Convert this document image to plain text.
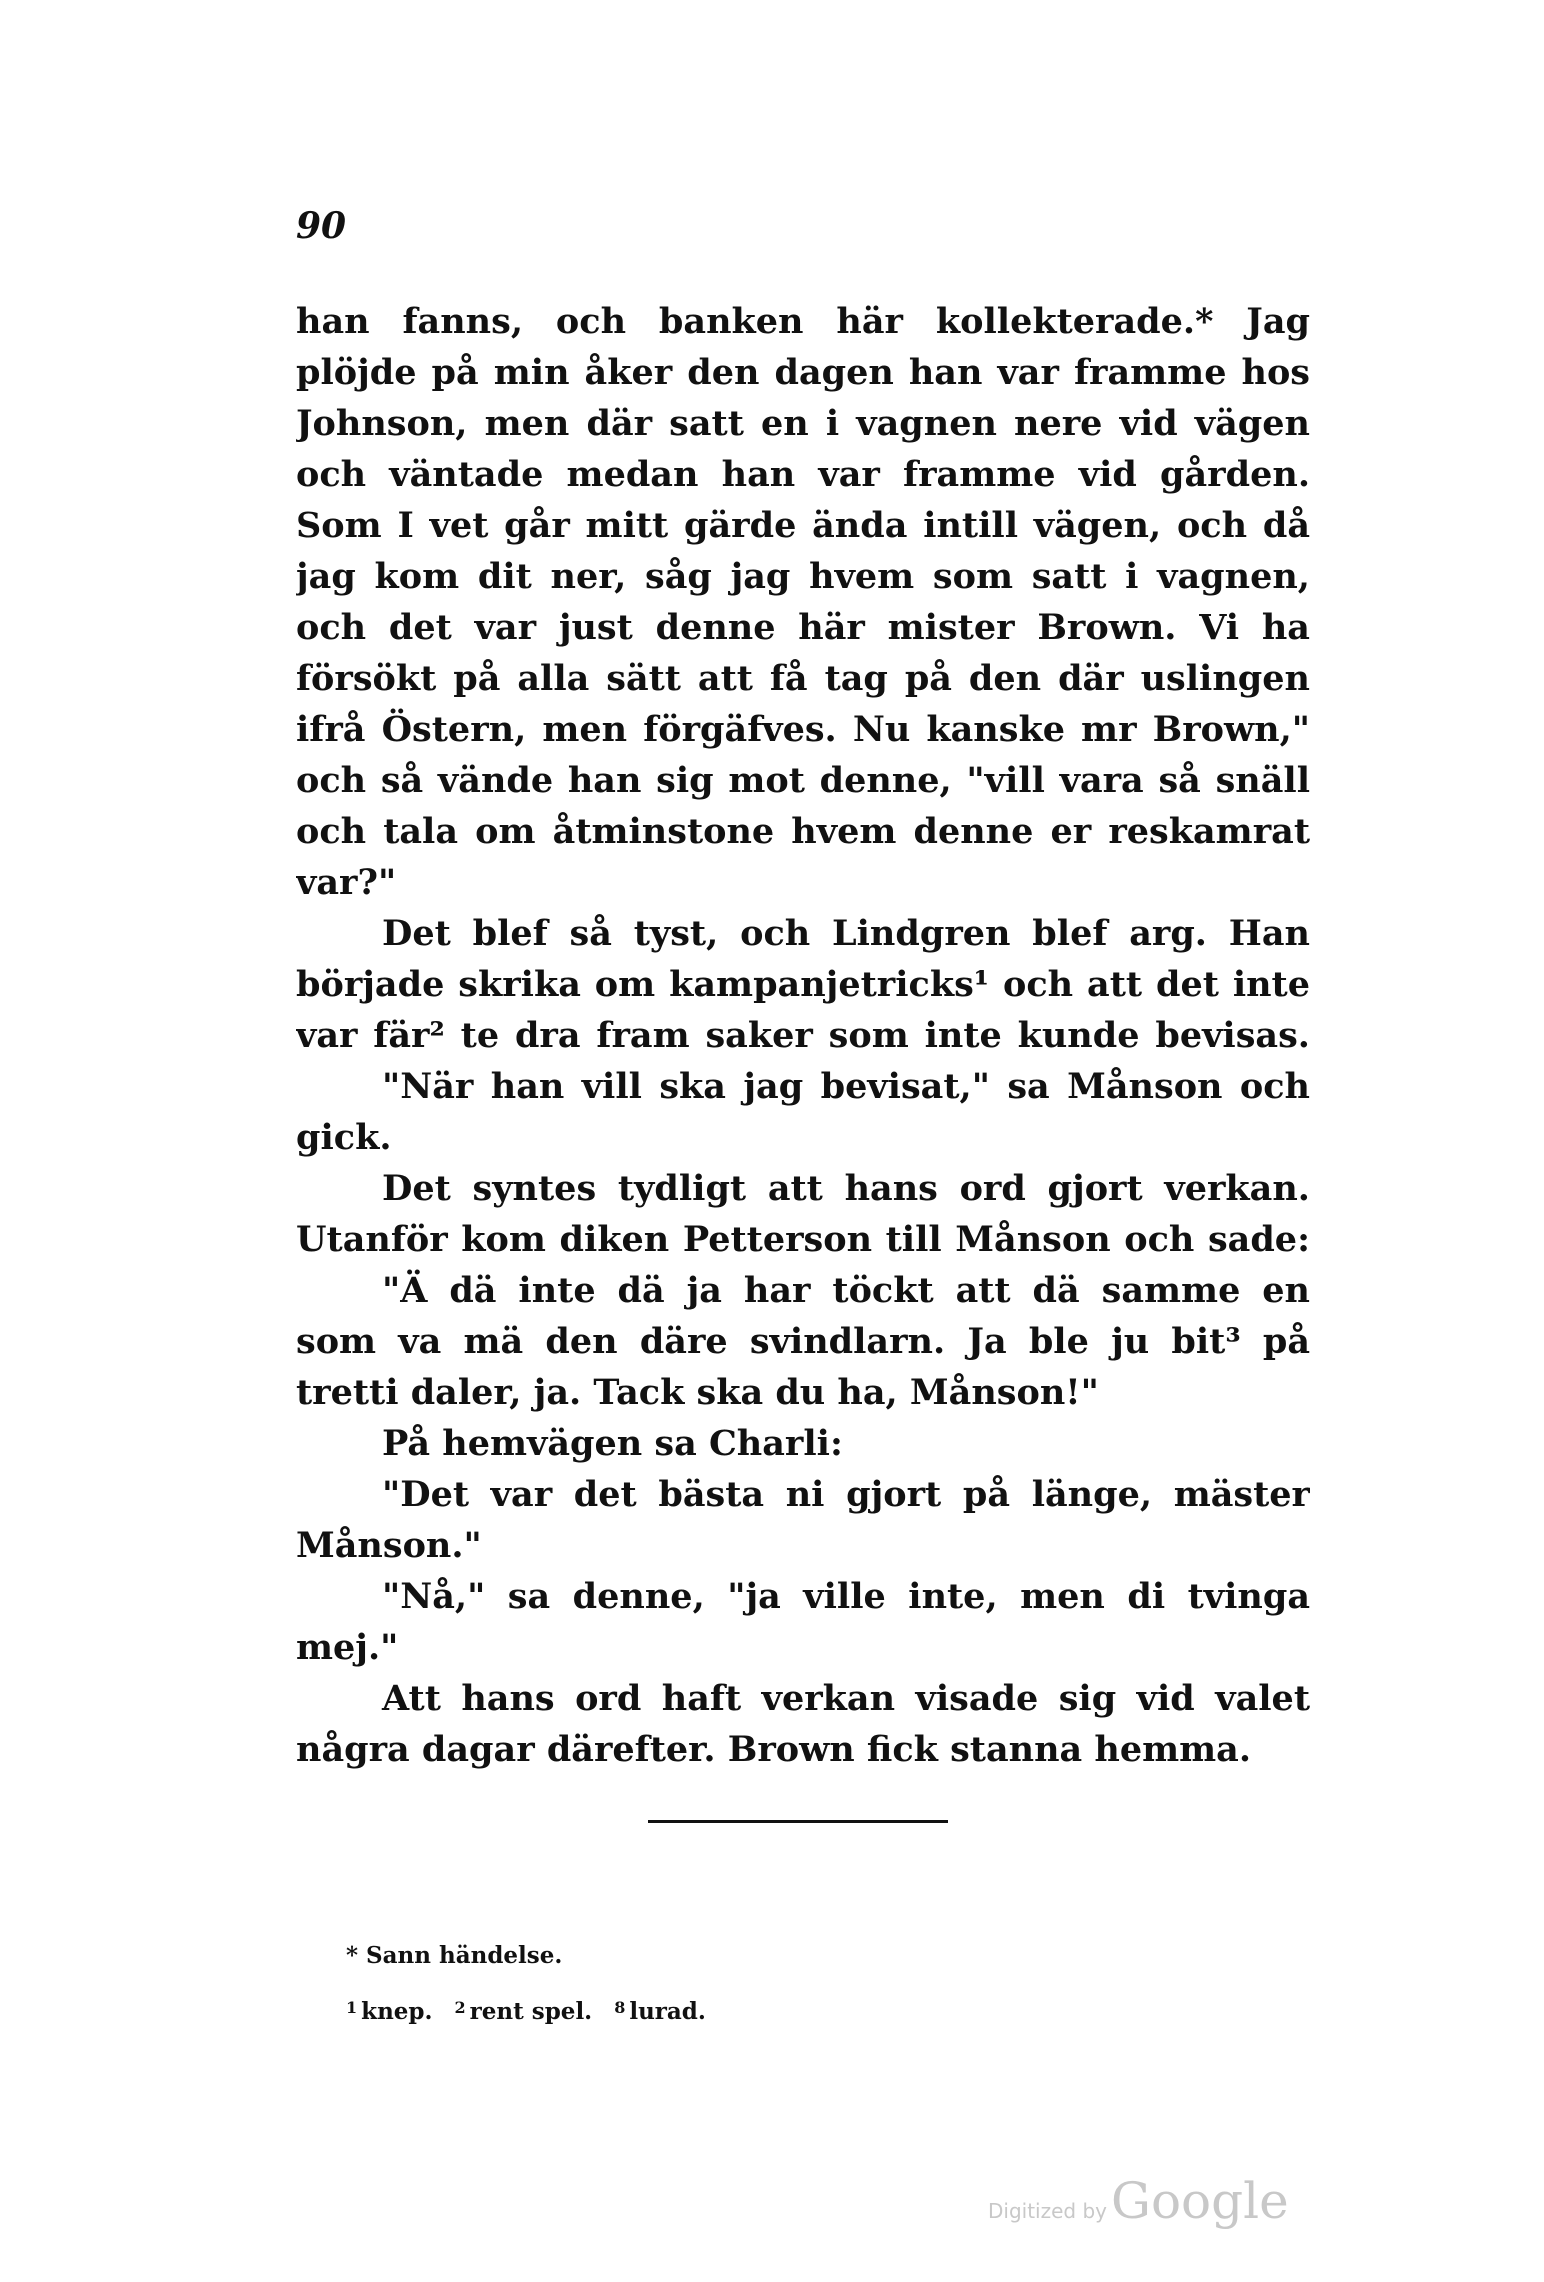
90
han fanns, och banken här kollekterade.* Jag
plöjde på min åker den dagen han var framme hos
Johnson, men där satt en i vagnen nere vid vägen
och väntade medan han var framme vid gården.
Som I vet går mitt gärde ända intill vägen, och då
jag kom dit ner, såg jag hvem som satt i vagnen,
och det var just denne här mister Brown. Vi ha
försökt på alla sätt att få tag på den där uslingen
ifrå Östern, men förgäfves. Nu kanske mr Brown,"
och så vände han sig mot denne, "vill vara så snäll
och tala om åtminstone hvem denne er reskamrat
var?"
Det blef så tyst, och Lindgren blef arg. Han
började skrika om kampanjetricks¹ och att det inte
var fär² te dra fram saker som inte kunde bevisas.
"När han vill ska jag bevisat," sa Månson och
gick.
Det syntes tydligt att hans ord gjort verkan.
Utanför kom diken Petterson till Månson och sade:
"Ä dä inte dä ja har töckt att dä samme en
som va mä den däre svindlarn. Ja ble ju bit³ på
tretti daler, ja. Tack ska du ha, Månson!"
På hemvägen sa Charli:
"Det var det bästa ni gjort på länge, mäster
Månson."
"Nå," sa denne, "ja ville inte, men di tvinga
mej."
Att hans ord haft verkan visade sig vid valet
några dagar därefter. Brown fick stanna hemma.
* Sann händelse.
$^1$ knep. $^2$ rent spel. $^8$ lurad.
Digitized byGoogle
